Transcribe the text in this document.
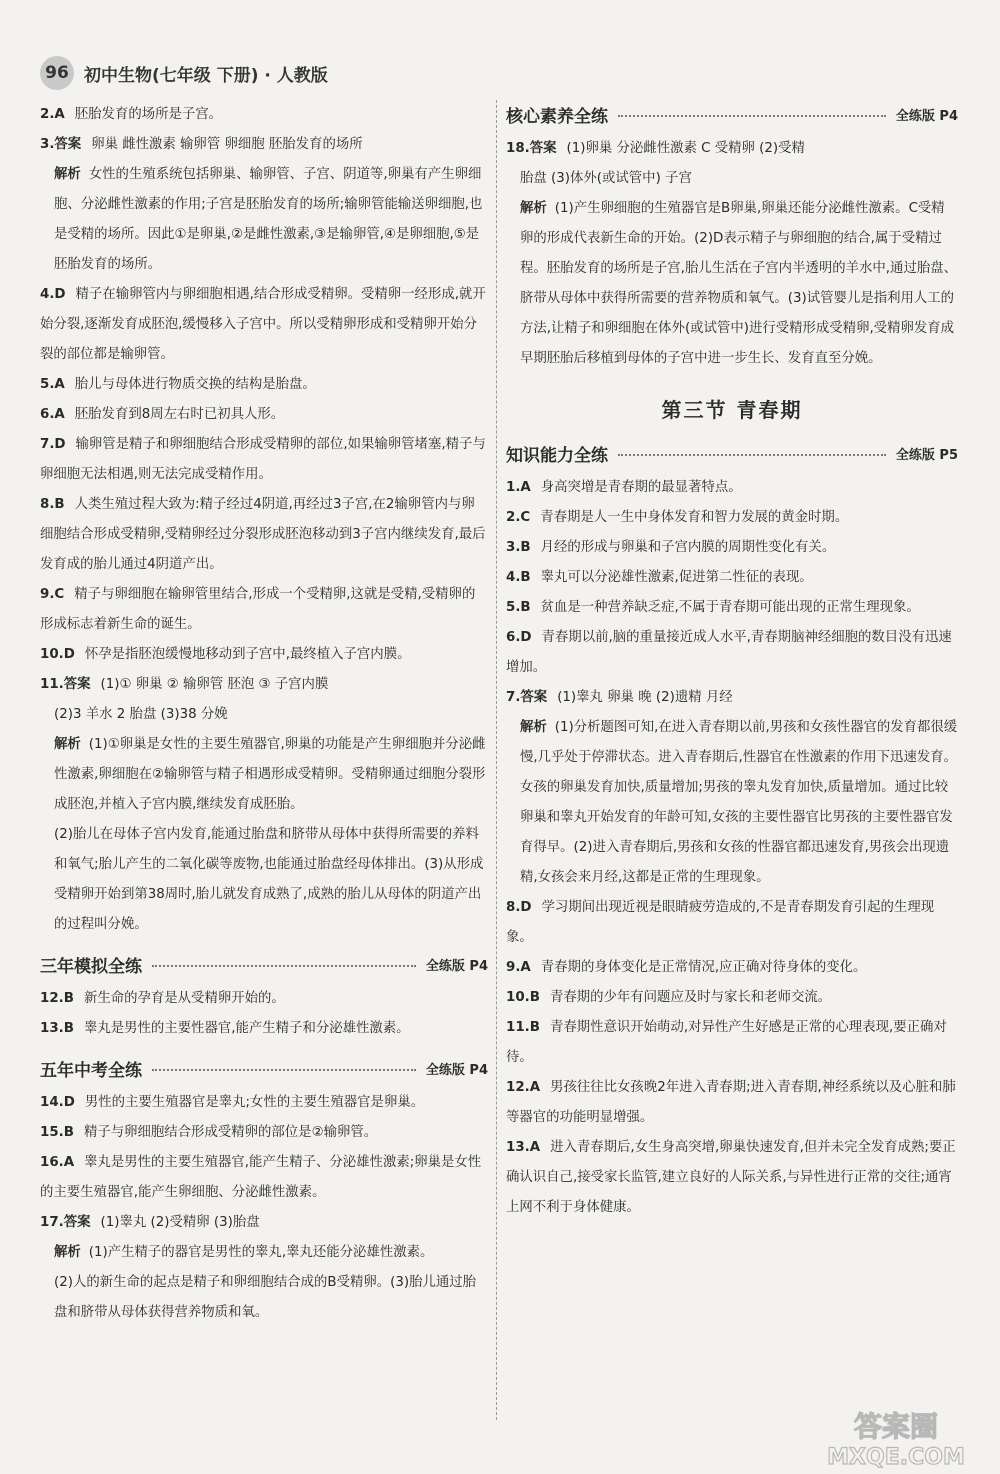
96 初中生物(七年级 下册) · 人教版

2.A 胚胎发育的场所是子宫。

3.答案 卵巢 雌性激素 输卵管 卵细胞 胚胎发育的场所

解析 女性的生殖系统包括卵巢、输卵管、子宫、阴道等,卵巢有产生卵细胞、分泌雌性激素的作用;子宫是胚胎发育的场所;输卵管能输送卵细胞,也是受精的场所。因此①是卵巢,②是雌性激素,③是输卵管,④是卵细胞,⑤是胚胎发育的场所。

4.D 精子在输卵管内与卵细胞相遇,结合形成受精卵。受精卵一经形成,就开始分裂,逐渐发育成胚泡,缓慢移入子宫中。所以受精卵形成和受精卵开始分裂的部位都是输卵管。

5.A 胎儿与母体进行物质交换的结构是胎盘。

6.A 胚胎发育到8周左右时已初具人形。

7.D 输卵管是精子和卵细胞结合形成受精卵的部位,如果输卵管堵塞,精子与卵细胞无法相遇,则无法完成受精作用。

8.B 人类生殖过程大致为:精子经过4阴道,再经过3子宫,在2输卵管内与卵细胞结合形成受精卵,受精卵经过分裂形成胚泡移动到3子宫内继续发育,最后发育成的胎儿通过4阴道产出。

9.C 精子与卵细胞在输卵管里结合,形成一个受精卵,这就是受精,受精卵的形成标志着新生命的诞生。

10.D 怀孕是指胚泡缓慢地移动到子宫中,最终植入子宫内膜。

11.答案 (1)① 卵巢 ② 输卵管 胚泡 ③ 子宫内膜

(2)3 羊水 2 胎盘 (3)38 分娩

解析 (1)①卵巢是女性的主要生殖器官,卵巢的功能是产生卵细胞并分泌雌性激素,卵细胞在②输卵管与精子相遇形成受精卵。受精卵通过细胞分裂形成胚泡,并植入子宫内膜,继续发育成胚胎。

(2)胎儿在母体子宫内发育,能通过胎盘和脐带从母体中获得所需要的养料和氧气;胎儿产生的二氧化碳等废物,也能通过胎盘经母体排出。(3)从形成受精卵开始到第38周时,胎儿就发育成熟了,成熟的胎儿从母体的阴道产出的过程叫分娩。

三年模拟全练	全练版 P4

12.B 新生命的孕育是从受精卵开始的。

13.B 睾丸是男性的主要性器官,能产生精子和分泌雄性激素。

五年中考全练	全练版 P4

14.D 男性的主要生殖器官是睾丸;女性的主要生殖器官是卵巢。

15.B 精子与卵细胞结合形成受精卵的部位是②输卵管。

16.A 睾丸是男性的主要生殖器官,能产生精子、分泌雄性激素;卵巢是女性的主要生殖器官,能产生卵细胞、分泌雌性激素。

17.答案 (1)睾丸 (2)受精卵 (3)胎盘

解析 (1)产生精子的器官是男性的睾丸,睾丸还能分泌雄性激素。

(2)人的新生命的起点是精子和卵细胞结合成的B受精卵。(3)胎儿通过胎盘和脐带从母体获得营养物质和氧。

核心素养全练	全练版 P4

18.答案 (1)卵巢 分泌雌性激素 C 受精卵 (2)受精

胎盘 (3)体外(或试管中) 子宫

解析 (1)产生卵细胞的生殖器官是B卵巢,卵巢还能分泌雌性激素。C受精卵的形成代表新生命的开始。(2)D表示精子与卵细胞的结合,属于受精过程。胚胎发育的场所是子宫,胎儿生活在子宫内半透明的羊水中,通过胎盘、脐带从母体中获得所需要的营养物质和氧气。(3)试管婴儿是指利用人工的方法,让精子和卵细胞在体外(或试管中)进行受精形成受精卵,受精卵发育成早期胚胎后移植到母体的子宫中进一步生长、发育直至分娩。

第三节 青春期
知识能力全练	全练版 P5

1.A 身高突增是青春期的最显著特点。

2.C 青春期是人一生中身体发育和智力发展的黄金时期。

3.B 月经的形成与卵巢和子宫内膜的周期性变化有关。

4.B 睾丸可以分泌雄性激素,促进第二性征的表现。

5.B 贫血是一种营养缺乏症,不属于青春期可能出现的正常生理现象。

6.D 青春期以前,脑的重量接近成人水平,青春期脑神经细胞的数目没有迅速增加。

7.答案 (1)睾丸 卵巢 晚 (2)遗精 月经

解析 (1)分析题图可知,在进入青春期以前,男孩和女孩性器官的发育都很缓慢,几乎处于停滞状态。进入青春期后,性器官在性激素的作用下迅速发育。女孩的卵巢发育加快,质量增加;男孩的睾丸发育加快,质量增加。通过比较卵巢和睾丸开始发育的年龄可知,女孩的主要性器官比男孩的主要性器官发育得早。(2)进入青春期后,男孩和女孩的性器官都迅速发育,男孩会出现遗精,女孩会来月经,这都是正常的生理现象。

8.D 学习期间出现近视是眼睛疲劳造成的,不是青春期发育引起的生理现象。

9.A 青春期的身体变化是正常情况,应正确对待身体的变化。

10.B 青春期的少年有问题应及时与家长和老师交流。

11.B 青春期性意识开始萌动,对异性产生好感是正常的心理表现,要正确对待。

12.A 男孩往往比女孩晚2年进入青春期;进入青春期,神经系统以及心脏和肺等器官的功能明显增强。

13.A 进入青春期后,女生身高突增,卵巢快速发育,但并未完全发育成熟;要正确认识自己,接受家长监管,建立良好的人际关系,与异性进行正常的交往;通宵上网不利于身体健康。

答案圈
MXQE.COM
